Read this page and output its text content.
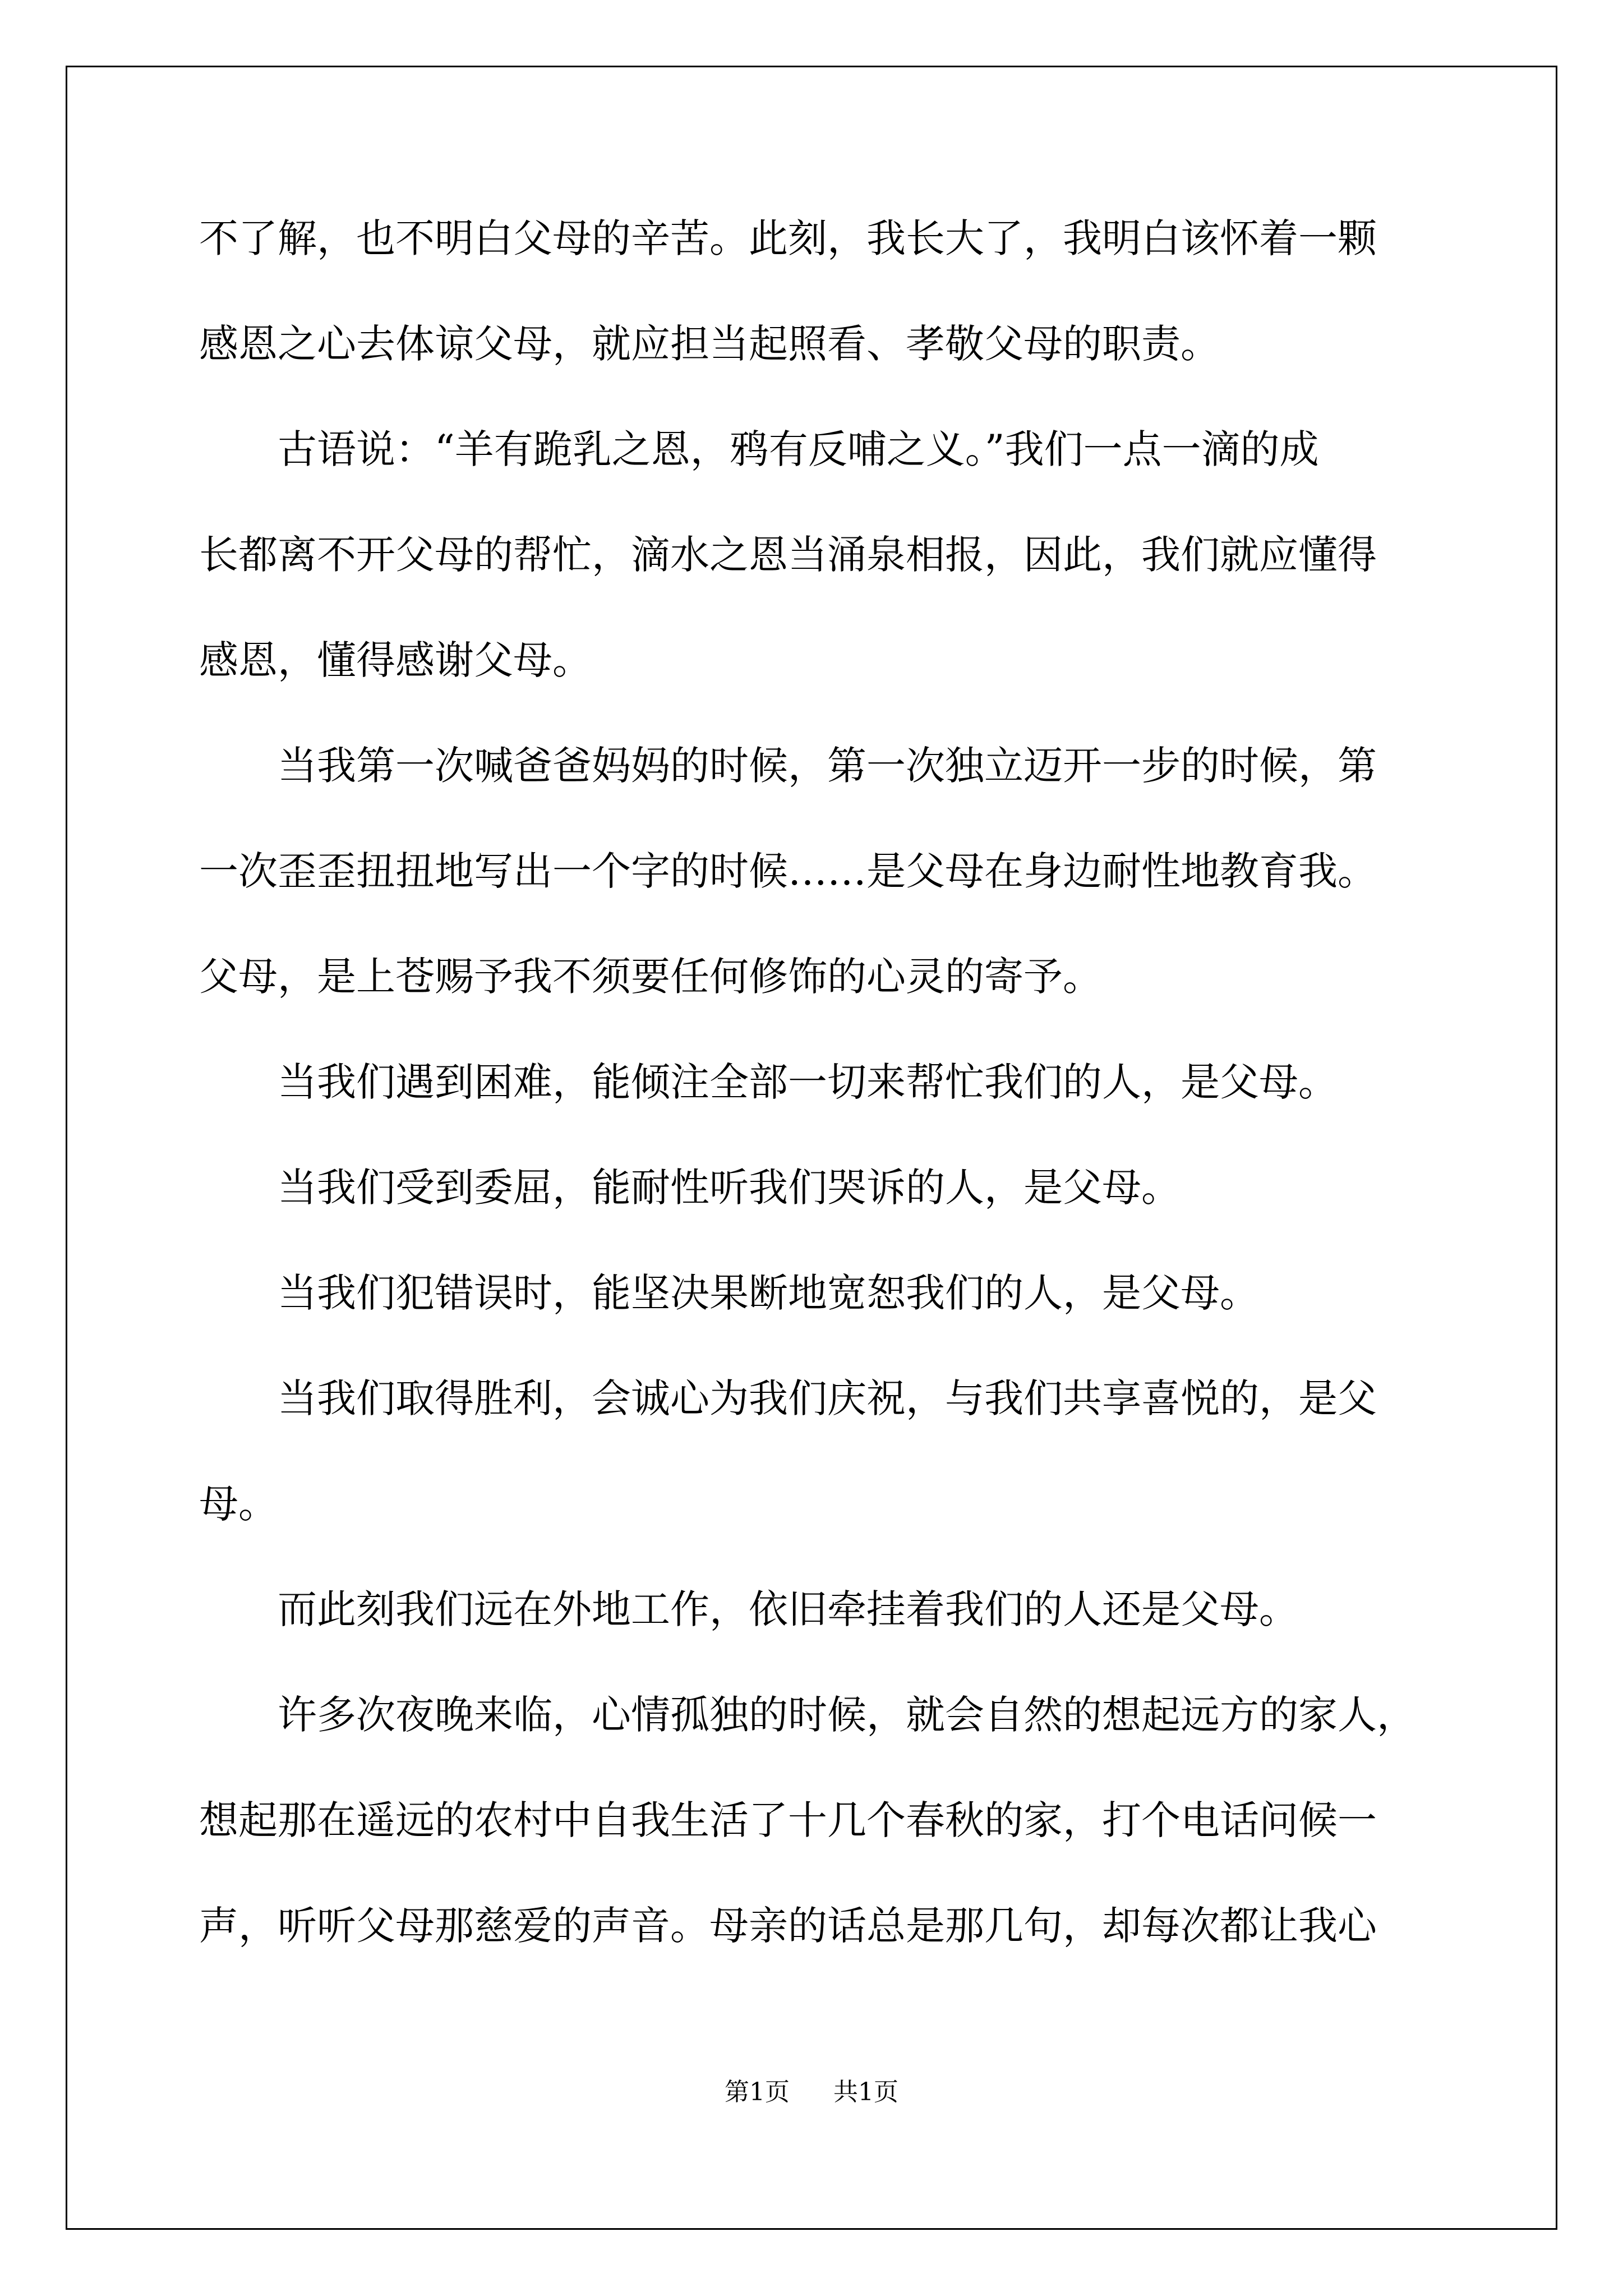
不了解，也不明白父母的辛苦。此刻，我长大了，我明白该怀着一颗
感恩之心去体谅父母，就应担当起照看、孝敬父母的职责。
　　古语说：“羊有跪乳之恩，鸦有反哺之义。”我们一点一滴的成
长都离不开父母的帮忙，滴水之恩当涌泉相报，因此，我们就应懂得
感恩，懂得感谢父母。
　　当我第一次喊爸爸妈妈的时候，第一次独立迈开一步的时候，第
一次歪歪扭扭地写出一个字的时候……是父母在身边耐性地教育我。
父母，是上苍赐予我不须要任何修饰的心灵的寄予。
　　当我们遇到困难，能倾注全部一切来帮忙我们的人，是父母。
　　当我们受到委屈，能耐性听我们哭诉的人，是父母。
　　当我们犯错误时，能坚决果断地宽恕我们的人，是父母。
　　当我们取得胜利，会诚心为我们庆祝，与我们共享喜悦的，是父
母。
　　而此刻我们远在外地工作，依旧牵挂着我们的人还是父母。
　　许多次夜晚来临，心情孤独的时候，就会自然的想起远方的家人，
想起那在遥远的农村中自我生活了十几个春秋的家，打个电话问候一
声，听听父母那慈爱的声音。母亲的话总是那几句，却每次都让我心
第1页 共1页
